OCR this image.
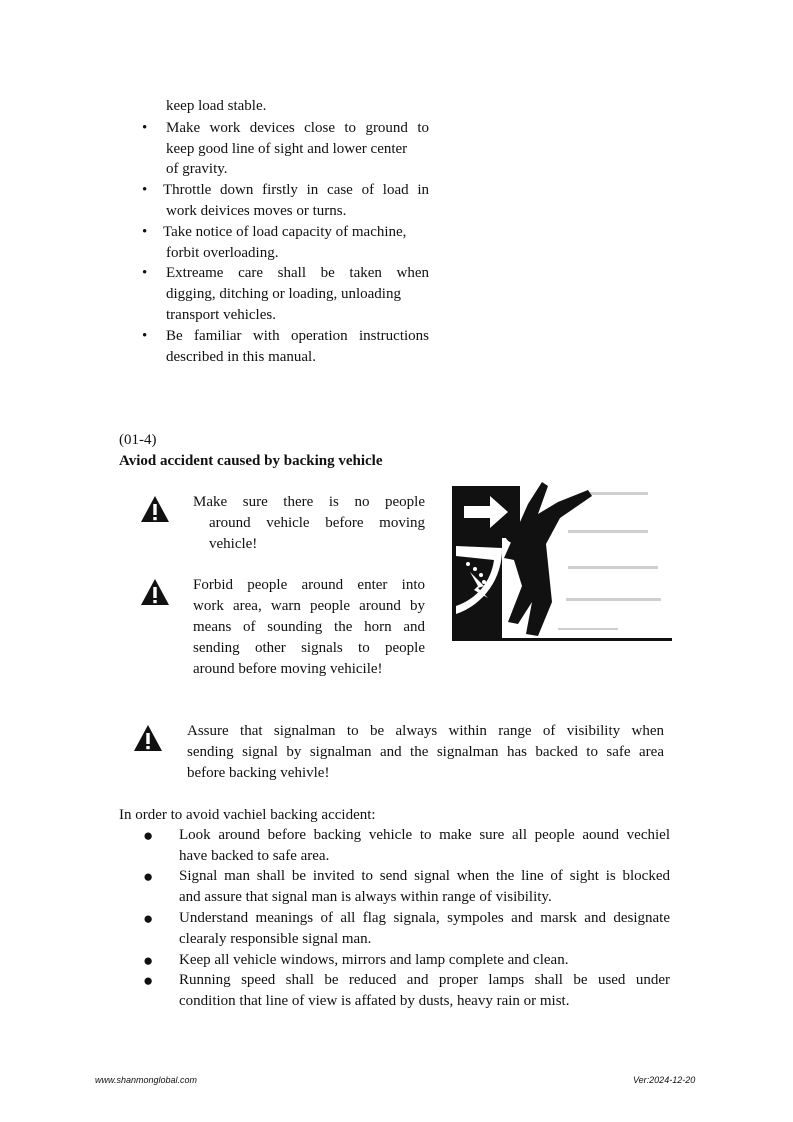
keep load stable.
• Make work devices close to ground to
keep good line of sight and lower center
of gravity.
• Throttle down firstly in case of load in
work deivices moves or turns.
• Take notice of load capacity of machine,
forbit overloading.
• Extreame care shall be taken when
digging, ditching or loading, unloading
transport vehicles.
• Be familiar with operation instructions
described in this manual.
(01-4)
Aviod accident caused by backing vehicle
Make sure there is no people
around vehicle before moving
vehicle!
Forbid people around enter into
work area, warn people around by
means of sounding the horn and
sending other signals to people
around before moving vehicile!
Assure that signalman to be always within range of visibility when
sending signal by signalman and the signalman has backed to safe area
before backing vehivle!
In order to avoid vachiel backing accident:
● Look around before backing vehicle to make sure all people aound vechiel
have backed to safe area.
● Signal man shall be invited to send signal when the line of sight is blocked
and assure that signal man is always within range of visibility.
● Understand meanings of all flag signala, sympoles and marsk and designate
clearaly responsible signal man.
● Keep all vehicle windows, mirrors and lamp complete and clean.
● Running speed shall be reduced and proper lamps shall be used under
condition that line of view is affated by dusts, heavy rain or mist.
www.shanmonglobal.com	Ver:2024-12-20
